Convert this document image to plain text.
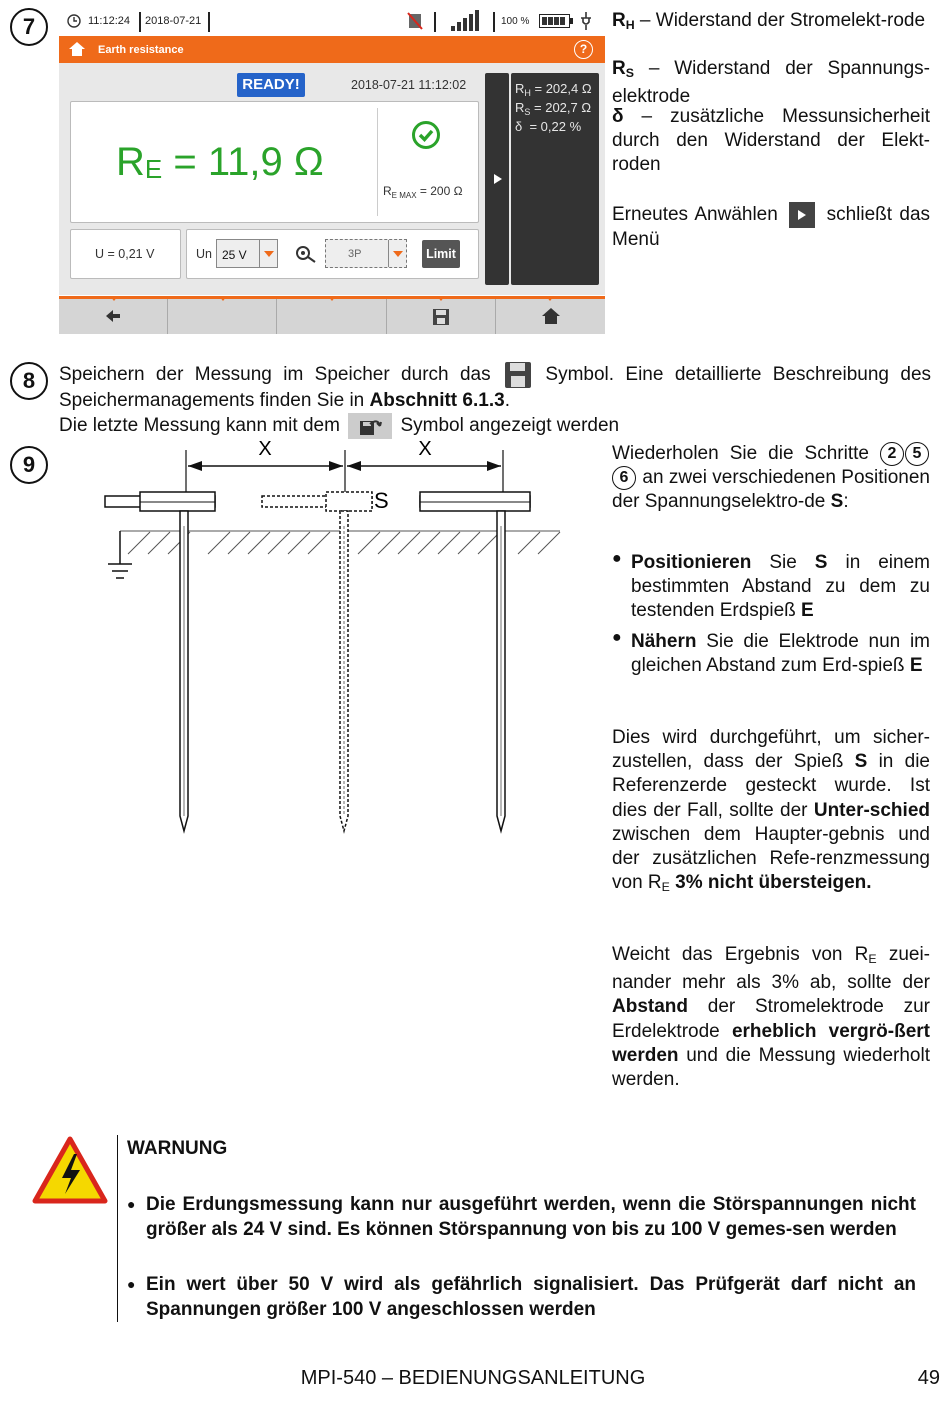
7	11:12:24 2018-07-21	100 %
Earth resistance	?
READY!	2018-07-21 11:12:02
$R_E = 11,9$ Ω
$R_{E MAX} = 200$ Ω
U = 0,21 V	Un 25 V	3P	Limit
$R_H = 202,4$ Ω
$R_S = 202,7$ Ω
δ  = 0,22 %
$R_H$ – Widerstand der Stromelekt-rode
$R_S$ – Widerstand der Spannungs-elektrode
δ – zusätzliche Messunsicherheit durch den Widerstand der Elekt-roden
Erneutes Anwählen	schließt das Menü
8	Speichern der Messung im Speicher durch das	Symbol. Eine detaillierte Beschreibung des Speichermanagements finden Sie in Abschnitt 6.1.3.
Die letzte Messung kann mit dem	Symbol angezeigt werden
9
X	X
S
Wiederholen Sie die Schritte 2 56 an zwei verschiedenen Positionen der Spannungselektro-de S:
● Positionieren Sie S in einem bestimmten Abstand zu dem zu testenden Erdspieß E
● Nähern Sie die Elektrode nun im gleichen Abstand zum Erd-spieß E
Dies wird durchgeführt, um sicher-zustellen, dass der Spieß S in die Referenzerde gesteckt wurde. Ist dies der Fall, sollte der Unter-schied zwischen dem Haupter-gebnis und der zusätzlichen Refe-renzmessung von $R_E$ 3% nicht übersteigen.
Weicht das Ergebnis von $R_E$ zuei-nander mehr als 3% ab, sollte der Abstand der Stromelektrode zur Erdelektrode erheblich vergrö-ßert werden und die Messung wiederholt werden.
WARNUNG
● Die Erdungsmessung kann nur ausgeführt werden, wenn die Störspannungen nicht größer als 24 V sind. Es können Störspannung von bis zu 100 V gemes-sen werden
● Ein wert über 50 V wird als gefährlich signalisiert. Das Prüfgerät darf nicht an Spannungen größer 100 V angeschlossen werden
MPI-540 – BEDIENUNGSANLEITUNG	49
